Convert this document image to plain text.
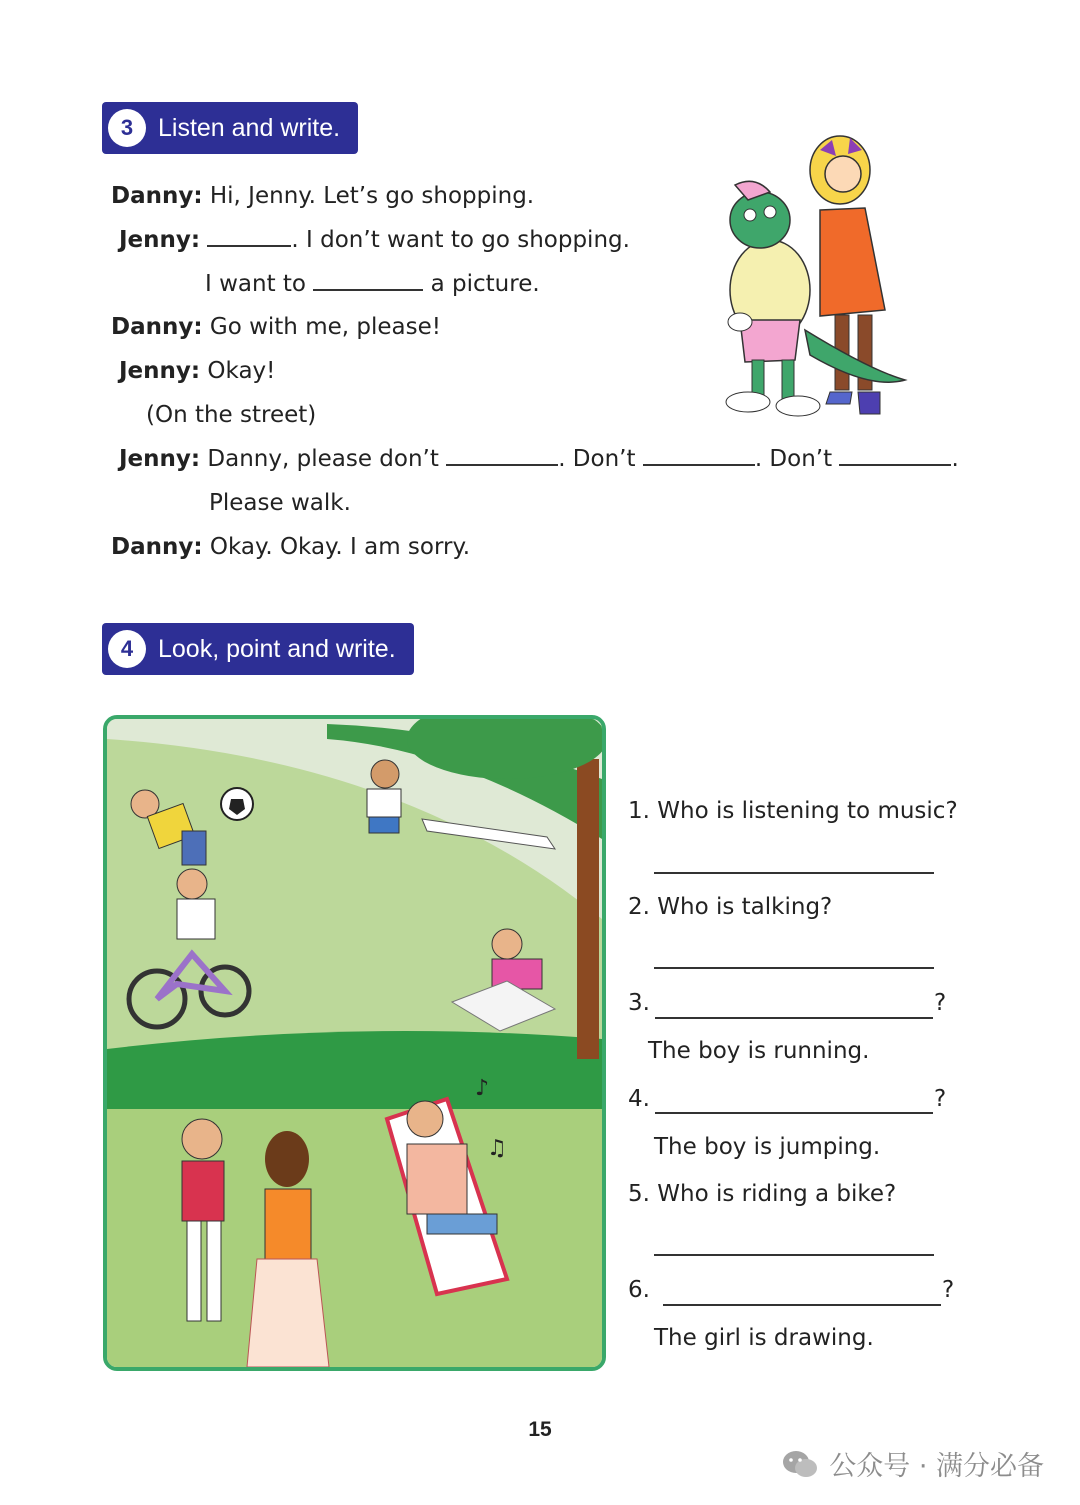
3 Listen and write.
Danny: Hi, Jenny. Let’s go shopping.
Jenny:	. I don’t want to go shopping.
I want to	a picture.
Danny: Go with me, please!
Jenny: Okay!
(On the street)
Jenny: Danny, please don’t	. Don’t	. Don’t	.
Please walk.
Danny: Okay. Okay. I am sorry.
4 Look, point and write.
♪
♫
1. Who is listening to music?
2. Who is talking?
3.	?
The boy is running.
4.	?
The boy is jumping.
5. Who is riding a bike?
6.	?
The girl is drawing.
15
公众号 · 满分必备
